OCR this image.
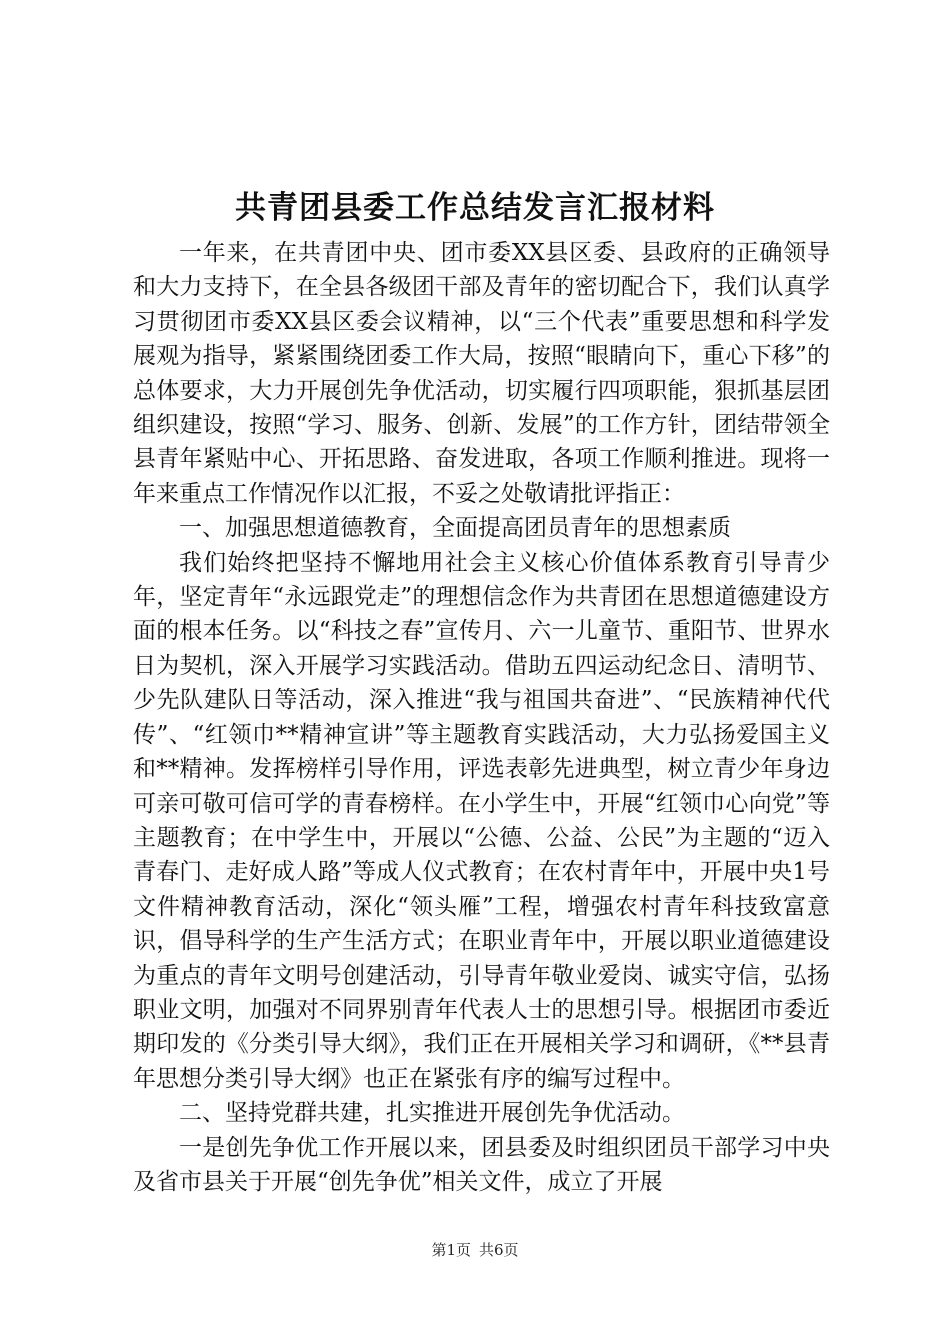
共青团县委工作总结发言汇报材料

一年来，在共青团中央、团市委XX县区委、县政府的正确领导和大力支持下，在全县各级团干部及青年的密切配合下，我们认真学习贯彻团市委XX县区委会议精神，以“三个代表”重要思想和科学发展观为指导，紧紧围绕团委工作大局，按照“眼睛向下，重心下移”的总体要求，大力开展创先争优活动，切实履行四项职能，狠抓基层团组织建设，按照“学习、服务、创新、发展”的工作方针，团结带领全县青年紧贴中心、开拓思路、奋发进取，各项工作顺利推进。现将一年来重点工作情况作以汇报，不妥之处敬请批评指正：

一、加强思想道德教育，全面提高团员青年的思想素质

我们始终把坚持不懈地用社会主义核心价值体系教育引导青少年，坚定青年“永远跟党走”的理想信念作为共青团在思想道德建设方面的根本任务。以“科技之春”宣传月、六一儿童节、重阳节、世界水日为契机，深入开展学习实践活动。借助五四运动纪念日、清明节、少先队建队日等活动，深入推进“我与祖国共奋进”、“民族精神代代传”、“红领巾**精神宣讲”等主题教育实践活动，大力弘扬爱国主义和**精神。发挥榜样引导作用，评选表彰先进典型，树立青少年身边可亲可敬可信可学的青春榜样。在小学生中，开展“红领巾心向党”等主题教育；在中学生中，开展以“公德、公益、公民”为主题的“迈入青春门、走好成人路”等成人仪式教育；在农村青年中，开展中央1号文件精神教育活动，深化“领头雁”工程，增强农村青年科技致富意识，倡导科学的生产生活方式；在职业青年中，开展以职业道德建设为重点的青年文明号创建活动，引导青年敬业爱岗、诚实守信，弘扬职业文明，加强对不同界别青年代表人士的思想引导。根据团市委近期印发的《分类引导大纲》，我们正在开展相关学习和调研，《**县青年思想分类引导大纲》也正在紧张有序的编写过程中。

二、坚持党群共建，扎实推进开展创先争优活动。

一是创先争优工作开展以来，团县委及时组织团员干部学习中央及省市县关于开展“创先争优”相关文件，成立了开展

第1页 共6页
